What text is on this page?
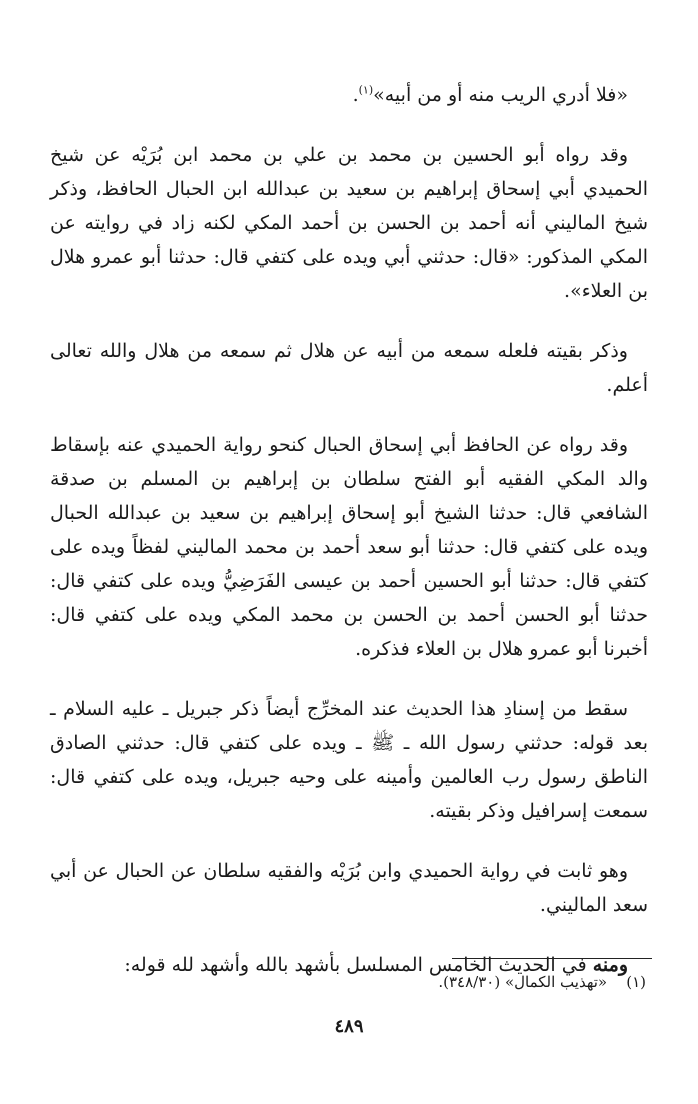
«فلا أدري الريب منه أو من أبيه»$^{(١)}$.

وقد رواه أبو الحسين بن محمد بن علي بن محمد ابن بُرَيْه عن شيخ الحميدي أبي إسحاق إبراهيم بن سعيد بن عبدالله ابن الحبال الحافظ، وذكر شيخ الماليني أنه أحمد بن الحسن بن أحمد المكي لكنه زاد في روايته عن المكي المذكور: «قال: حدثني أبي ويده على كتفي قال: حدثنا أبو عمرو هلال بن العلاء».

وذكر بقيته فلعله سمعه من أبيه عن هلال ثم سمعه من هلال والله تعالى أعلم.

وقد رواه عن الحافظ أبي إسحاق الحبال كنحو رواية الحميدي عنه بإسقاط والد المكي الفقيه أبو الفتح سلطان بن إبراهيم بن المسلم بن صدقة الشافعي قال: حدثنا الشيخ أبو إسحاق إبراهيم بن سعيد بن عبدالله الحبال ويده على كتفي قال: حدثنا أبو سعد أحمد بن محمد الماليني لفظاً ويده على كتفي قال: حدثنا أبو الحسين أحمد بن عيسى الفَرَضِيُّ ويده على كتفي قال: حدثنا أبو الحسن أحمد بن الحسن بن محمد المكي ويده على كتفي قال: أخبرنا أبو عمرو هلال بن العلاء فذكره.

سقط من إسنادِ هذا الحديث عند المخرِّج أيضاً ذكر جبريل ـ عليه السلام ـ بعد قوله: حدثني رسول الله ـ ﷺ ـ ويده على كتفي قال: حدثني الصادق الناطق رسول رب العالمين وأمينه على وحيه جبريل، ويده على كتفي قال: سمعت إسرافيل وذكر بقيته.

وهو ثابت في رواية الحميدي وابن بُرَيْه والفقيه سلطان عن الحبال عن أبي سعد الماليني.

ومنه في الحديث الخامس المسلسل بأشهد بالله وأشهد لله قوله:

(١)    «تهذيب الكمال» (٣٤٨/٣٠).
٤٨٩
